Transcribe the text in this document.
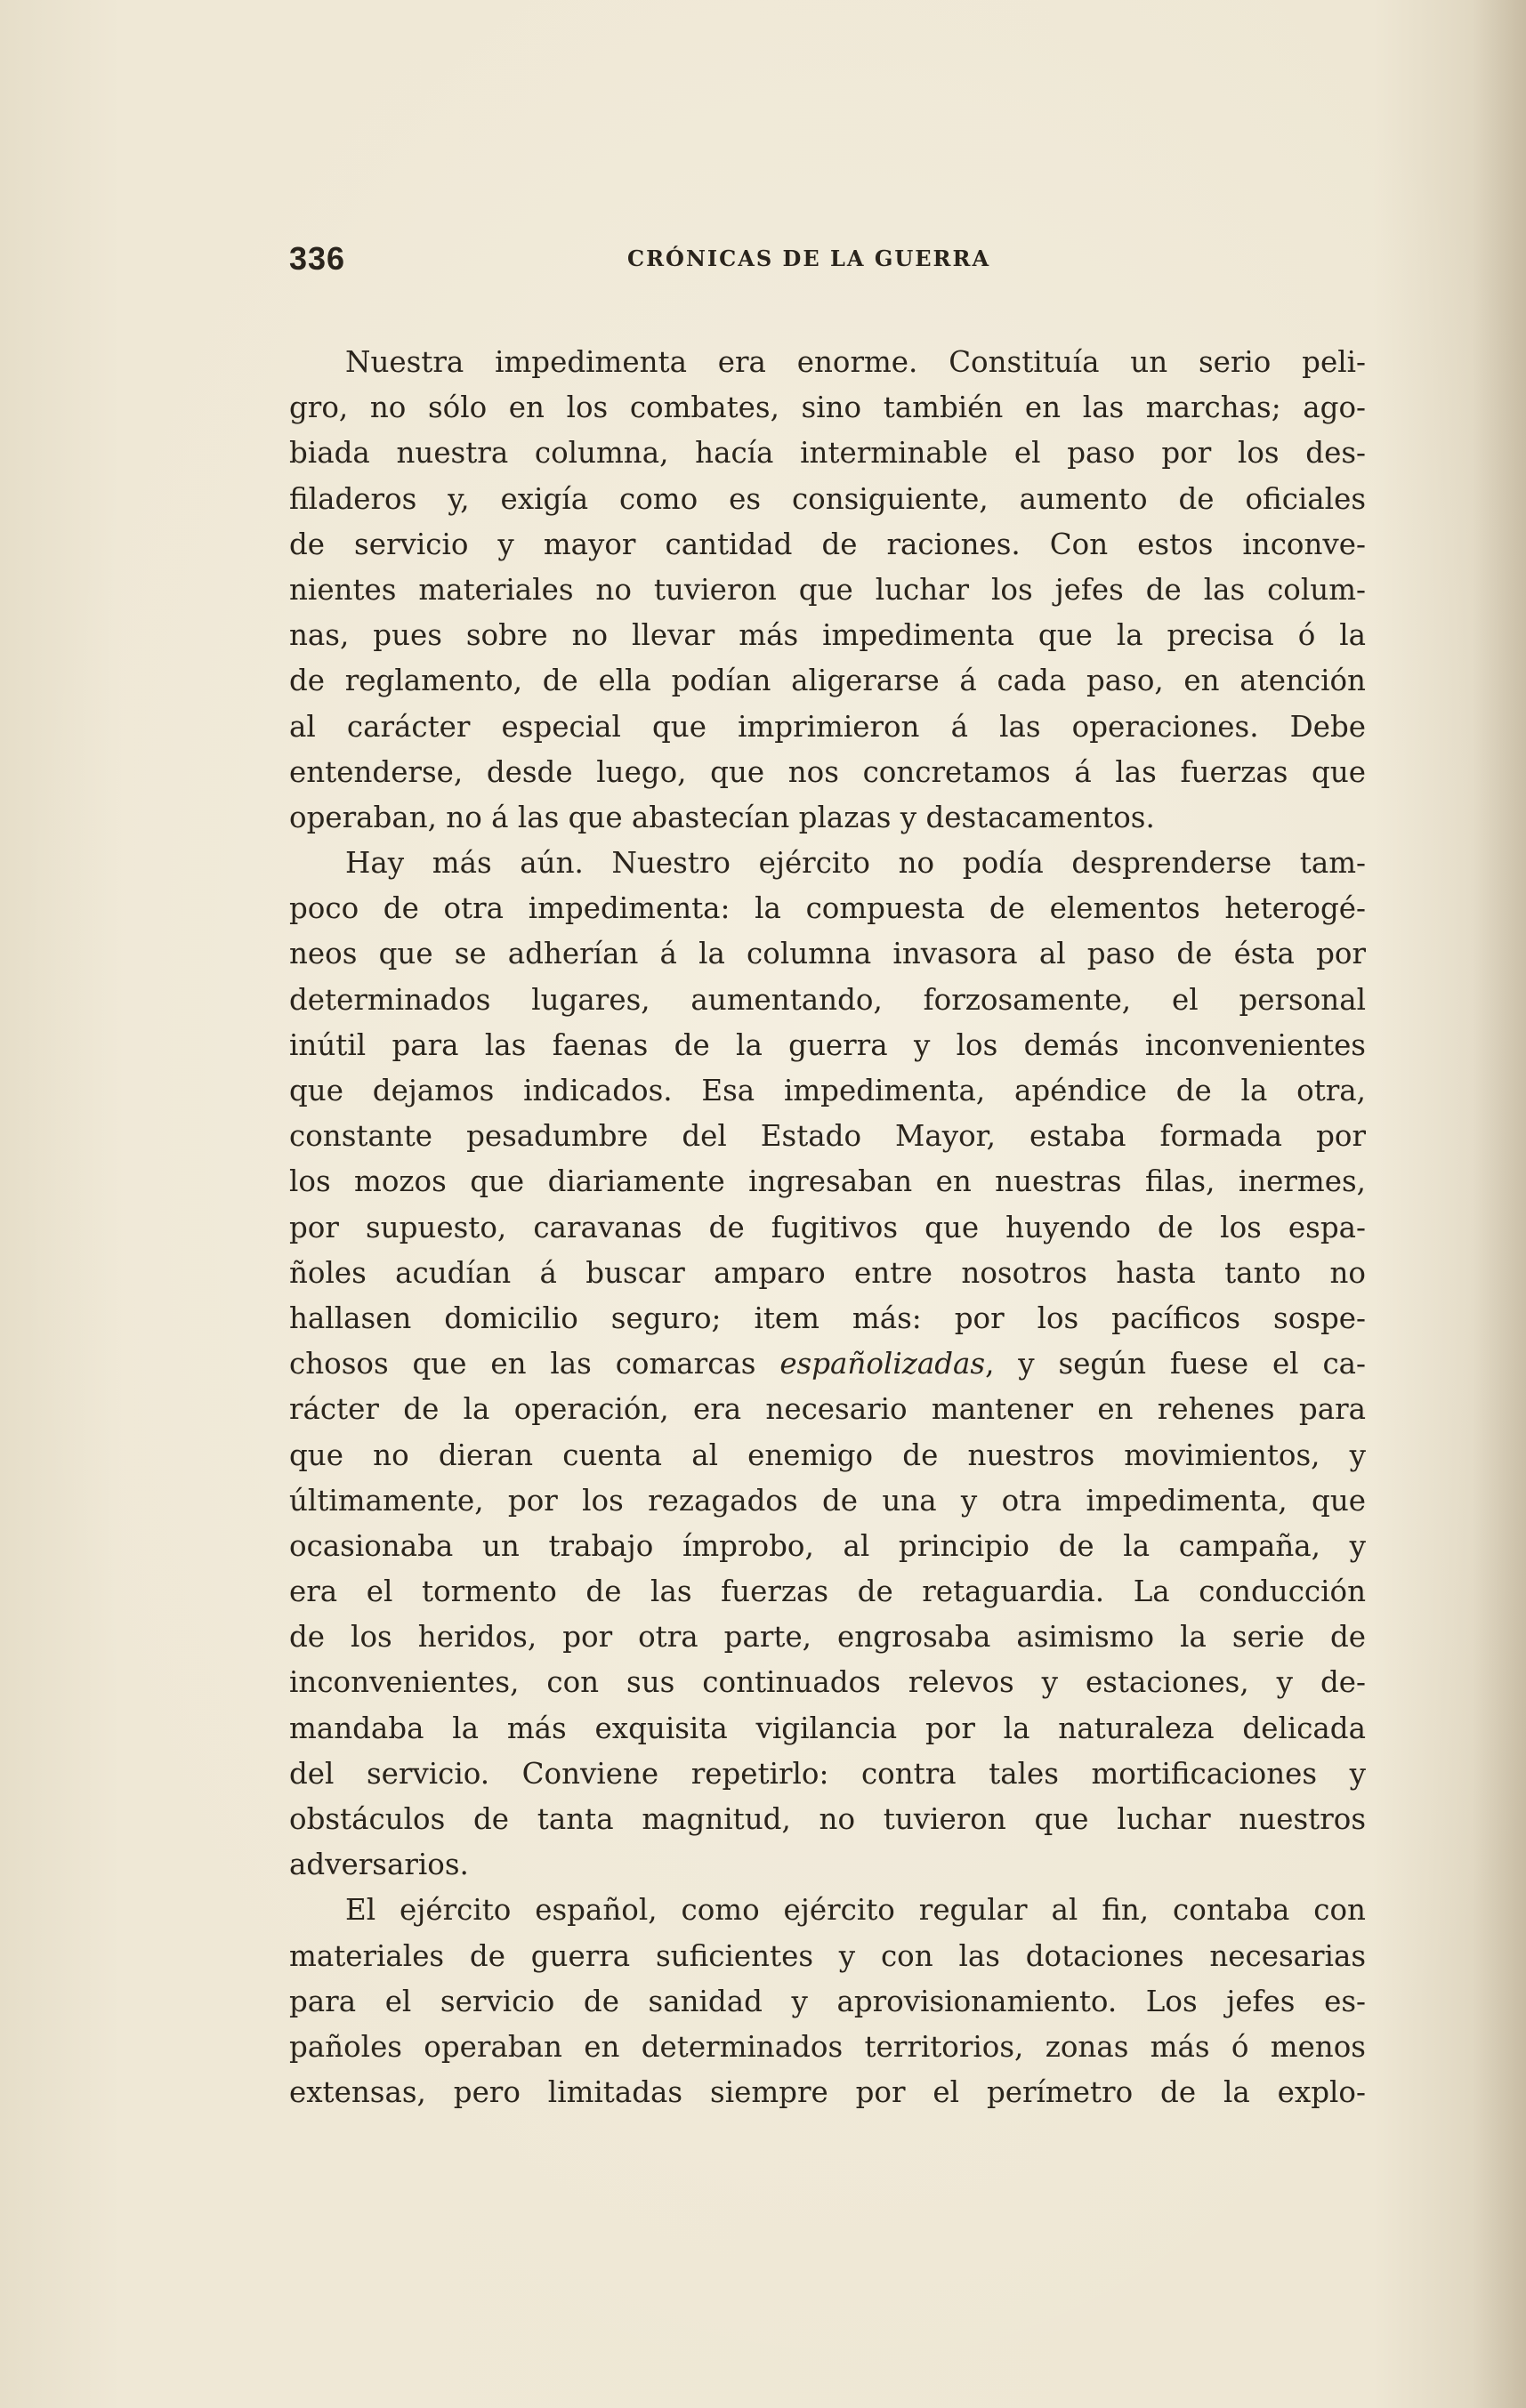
336	CRÓNICAS DE LA GUERRA
Nuestra impedimenta era enorme. Constituía un serio peli-
gro, no sólo en los combates, sino también en las marchas; ago-
biada nuestra columna, hacía interminable el paso por los des-
filaderos y, exigía como es consiguiente, aumento de oficiales
de servicio y mayor cantidad de raciones. Con estos inconve-
nientes materiales no tuvieron que luchar los jefes de las colum-
nas, pues sobre no llevar más impedimenta que la precisa ó la
de reglamento, de ella podían aligerarse á cada paso, en atención
al carácter especial que imprimieron á las operaciones. Debe
entenderse, desde luego, que nos concretamos á las fuerzas que
operaban, no á las que abastecían plazas y destacamentos.
Hay más aún. Nuestro ejército no podía desprenderse tam-
poco de otra impedimenta: la compuesta de elementos heterogé-
neos que se adherían á la columna invasora al paso de ésta por
determinados lugares, aumentando, forzosamente, el personal
inútil para las faenas de la guerra y los demás inconvenientes
que dejamos indicados. Esa impedimenta, apéndice de la otra,
constante pesadumbre del Estado Mayor, estaba formada por
los mozos que diariamente ingresaban en nuestras filas, inermes,
por supuesto, caravanas de fugitivos que huyendo de los espa-
ñoles acudían á buscar amparo entre nosotros hasta tanto no
hallasen domicilio seguro; item más: por los pacíficos sospe-
chosos que en las comarcas españolizadas, y según fuese el ca-
rácter de la operación, era necesario mantener en rehenes para
que no dieran cuenta al enemigo de nuestros movimientos, y
últimamente, por los rezagados de una y otra impedimenta, que
ocasionaba un trabajo ímprobo, al principio de la campaña, y
era el tormento de las fuerzas de retaguardia. La conducción
de los heridos, por otra parte, engrosaba asimismo la serie de
inconvenientes, con sus continuados relevos y estaciones, y de-
mandaba la más exquisita vigilancia por la naturaleza delicada
del servicio. Conviene repetirlo: contra tales mortificaciones y
obstáculos de tanta magnitud, no tuvieron que luchar nuestros
adversarios.
El ejército español, como ejército regular al fin, contaba con
materiales de guerra suficientes y con las dotaciones necesarias
para el servicio de sanidad y aprovisionamiento. Los jefes es-
pañoles operaban en determinados territorios, zonas más ó menos
extensas, pero limitadas siempre por el perímetro de la explo-
